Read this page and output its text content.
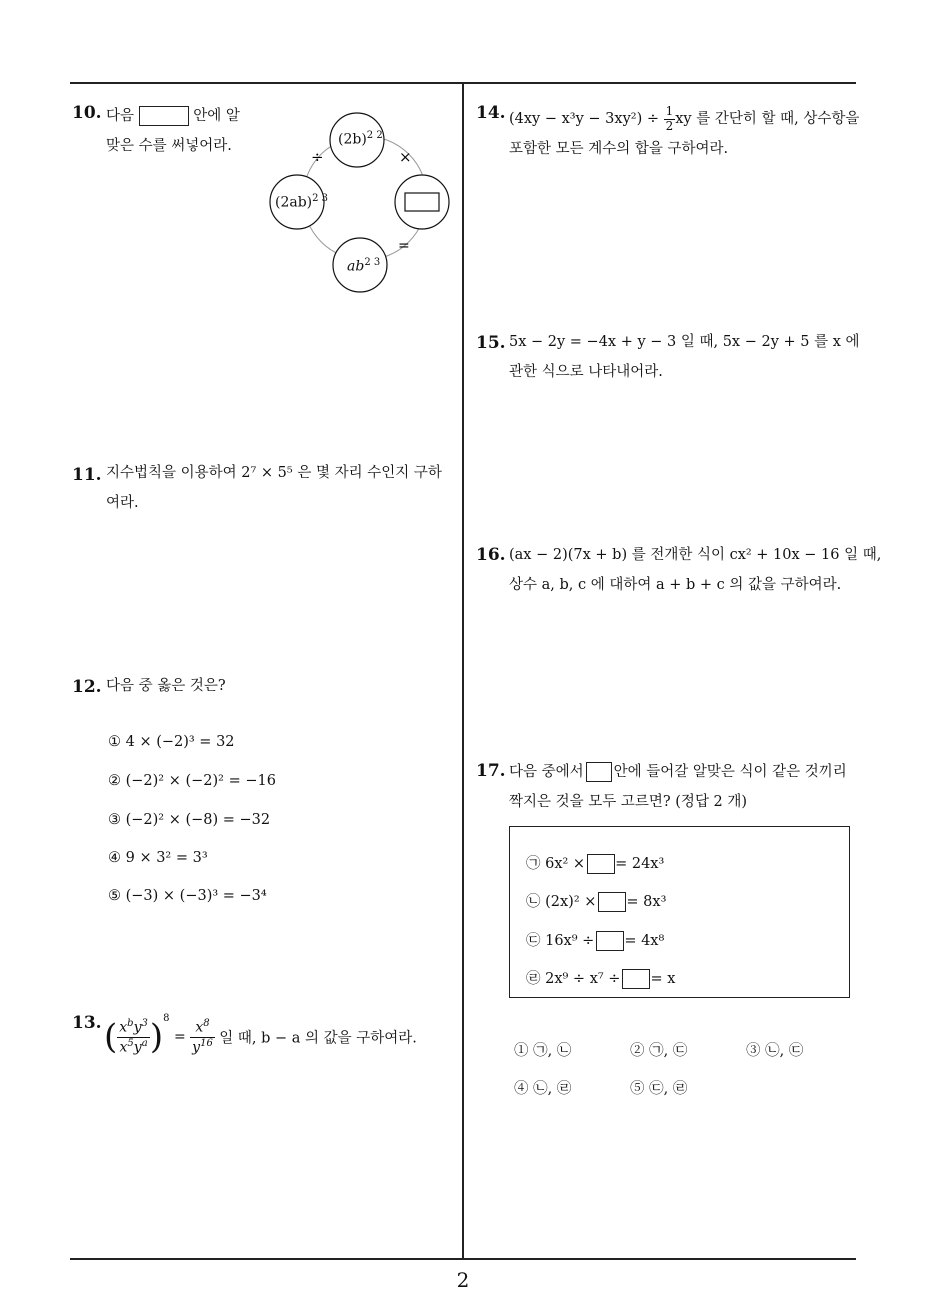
10. 다음	안에 알
맞은 수를 써넣어라.
÷	×
=
$(2b)^{2 2}$
$(2ab)^{2 3}$
$ab^{2 3}$
11. 지수법칙을 이용하여 2⁷ × 5⁵ 은 몇 자리 수인지 구하
여라.
12. 다음 중 옳은 것은?
① 4 × (−2)³ = 32
② (−2)² × (−2)² = −16
③ (−2)² × (−8) = −32
④ 9 × 3² = 3³
⑤ (−3) × (−3)³ = −3⁴
13. ( $\frac{x^by^3}{x^5y^a} )^8 = \frac{x^8}{y^{16}}$ 일 때, b − a 의 값을 구하여라.
14. $(4xy - x^3y - 3xy^2) \div \frac{1}{2}$ xy 를 간단히 할 때, 상수항을
포함한 모든 계수의 합을 구하여라.
15. 5x − 2y = −4x + y − 3 일 때, 5x − 2y + 5 를 x 에
관한 식으로 나타내어라.
16. (ax − 2)(7x + b) 를 전개한 식이 cx² + 10x − 16 일 때,
상수 a, b, c 에 대하여 a + b + c 의 값을 구하여라.
17. 다음 중에서 안에 들어갈 알맞은 식이 같은 것끼리
짝지은 것을 모두 고르면? (정답 2 개)
㉠ 6x² × = 24x³
㉡ (2x)² × = 8x³
㉢ 16x⁹ ÷ = 4x⁸
㉣ 2x⁹ ÷ x⁷ ÷ = x
① ㉠, ㉡	② ㉠, ㉢	③ ㉡, ㉢
④ ㉡, ㉣	⑤ ㉢, ㉣
2
